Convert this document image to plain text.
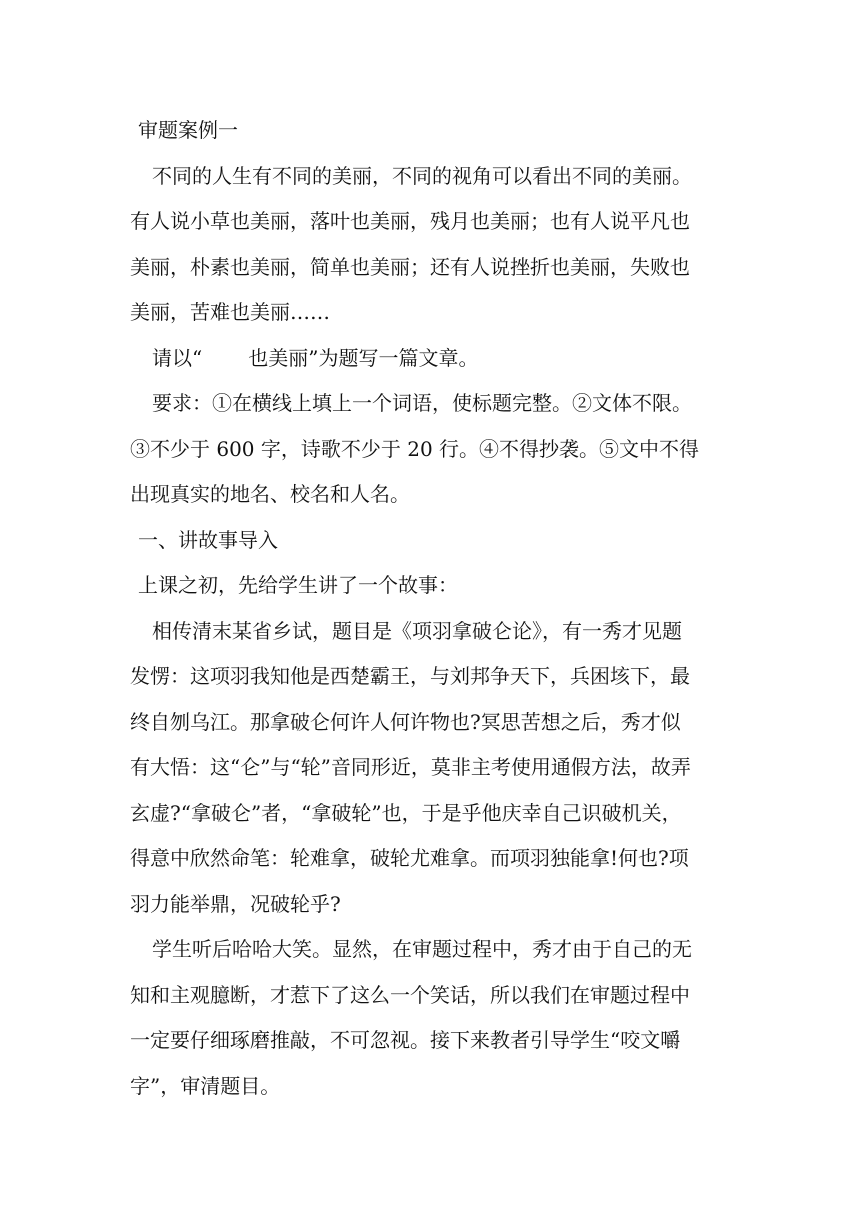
审题案例一
不同的人生有不同的美丽，不同的视角可以看出不同的美丽。
有人说小草也美丽，落叶也美丽，残月也美丽；也有人说平凡也
美丽，朴素也美丽，简单也美丽；还有人说挫折也美丽，失败也
美丽，苦难也美丽……
请以“ 也美丽”为题写一篇文章。
要求：①在横线上填上一个词语，使标题完整。②文体不限。
③不少于 600 字，诗歌不少于 20 行。④不得抄袭。⑤文中不得
出现真实的地名、校名和人名。
一、讲故事导入
上课之初，先给学生讲了一个故事：
相传清末某省乡试，题目是《项羽拿破仑论》，有一秀才见题
发愣：这项羽我知他是西楚霸王，与刘邦争天下，兵困垓下，最
终自刎乌江。那拿破仑何许人何许物也?冥思苦想之后，秀才似
有大悟：这“仑”与“轮”音同形近，莫非主考使用通假方法，故弄
玄虚?“拿破仑”者，“拿破轮”也，于是乎他庆幸自己识破机关，
得意中欣然命笔：轮难拿，破轮尤难拿。而项羽独能拿!何也?项
羽力能举鼎，况破轮乎?
学生听后哈哈大笑。显然，在审题过程中，秀才由于自己的无
知和主观臆断，才惹下了这么一个笑话，所以我们在审题过程中
一定要仔细琢磨推敲，不可忽视。接下来教者引导学生“咬文嚼
字”，审清题目。
